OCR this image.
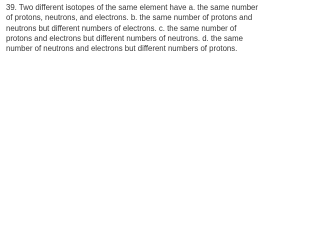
39. Two different isotopes of the same element have a. the same number of protons, neutrons, and electrons. b. the same number of protons and neutrons but different numbers of electrons. c. the same number of protons and electrons but different numbers of neutrons. d. the same number of neutrons and electrons but different numbers of protons.
